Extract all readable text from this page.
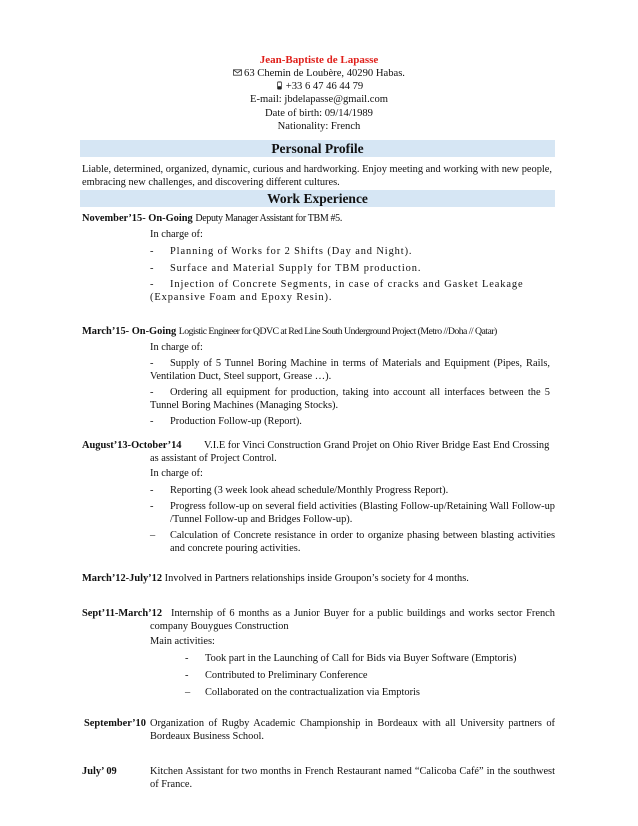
Jean-Baptiste de Lapasse
63 Chemin de Loubère, 40290 Habas.
+33 6 47 46 44 79
E-mail: jbdelapasse@gmail.com
Date of birth: 09/14/1989
Nationality: French
Personal Profile
Liable, determined, organized, dynamic, curious and hardworking. Enjoy meeting and working with new people, embracing new challenges, and discovering different cultures.
Work Experience
November’15- On-Going Deputy Manager Assistant for TBM #5.
In charge of:
-	Planning of Works for 2 Shifts (Day and Night).
-	Surface and Material Supply for TBM production.
-	Injection of Concrete Segments, in case of cracks and Gasket Leakage
(Expansive Foam and Epoxy Resin).
March’15- On-Going Logistic Engineer for QDVC at Red Line South Underground Project (Metro //Doha // Qatar)
In charge of:
-	Supply of 5 Tunnel Boring Machine in terms of Materials and Equipment (Pipes, Rails, Ventilation Duct, Steel support, Grease …).
-	Ordering all equipment for production, taking into account all interfaces between the 5 Tunnel Boring Machines (Managing Stocks).
-	Production Follow-up (Report).
August’13-October’14	V.I.E for Vinci Construction Grand Projet on Ohio River Bridge East End Crossing as assistant of Project Control.
In charge of:
-	Reporting (3 week look ahead schedule/Monthly Progress Report).
-	Progress follow-up on several field activities (Blasting Follow-up/Retaining Wall Follow-up /Tunnel Follow-up and Bridges Follow-up).
–	Calculation of Concrete resistance in order to organize phasing between blasting activities and concrete pouring activities.
March’12-July’12 Involved in Partners relationships inside Groupon’s society for 4 months.
Sept’11-March’12 Internship of 6 months as a Junior Buyer for a public buildings and works sector French company Bouygues Construction
Main activities:
-	Took part in the Launching of Call for Bids via Buyer Software (Emptoris)
-	Contributed to Preliminary Conference
–	Collaborated on the contractualization via Emptoris
September’10 Organization of Rugby Academic Championship in Bordeaux with all University partners of Bordeaux Business School.
July’ 09	Kitchen Assistant for two months in French Restaurant named “Calicoba Café” in the southwest of France.
